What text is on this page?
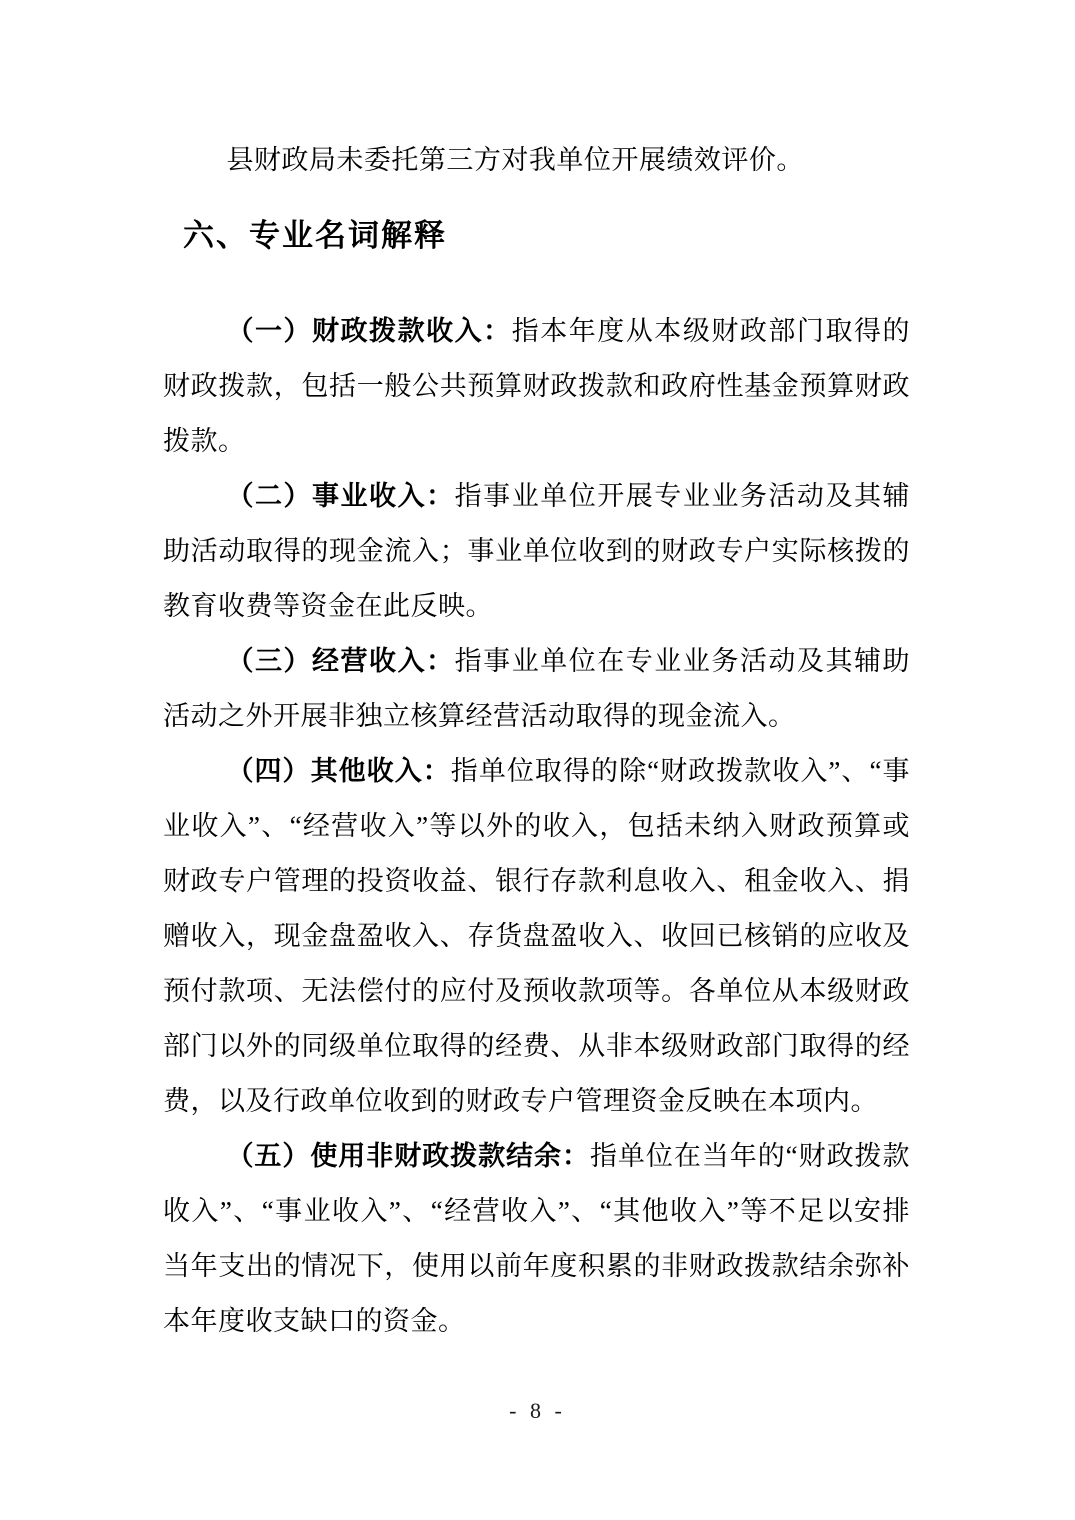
县财政局未委托第三方对我单位开展绩效评价。

六、专业名词解释

（一）财政拨款收入：指本年度从本级财政部门取得的财政拨款，包括一般公共预算财政拨款和政府性基金预算财政拨款。

（二）事业收入：指事业单位开展专业业务活动及其辅助活动取得的现金流入；事业单位收到的财政专户实际核拨的教育收费等资金在此反映。

（三）经营收入：指事业单位在专业业务活动及其辅助活动之外开展非独立核算经营活动取得的现金流入。

（四）其他收入：指单位取得的除“财政拨款收入”、“事业收入”、“经营收入”等以外的收入，包括未纳入财政预算或财政专户管理的投资收益、银行存款利息收入、租金收入、捐赠收入，现金盘盈收入、存货盘盈收入、收回已核销的应收及预付款项、无法偿付的应付及预收款项等。各单位从本级财政部门以外的同级单位取得的经费、从非本级财政部门取得的经费，以及行政单位收到的财政专户管理资金反映在本项内。

（五）使用非财政拨款结余：指单位在当年的“财政拨款收入”、“事业收入”、“经营收入”、“其他收入”等不足以安排当年支出的情况下，使用以前年度积累的非财政拨款结余弥补本年度收支缺口的资金。

- 8 -
